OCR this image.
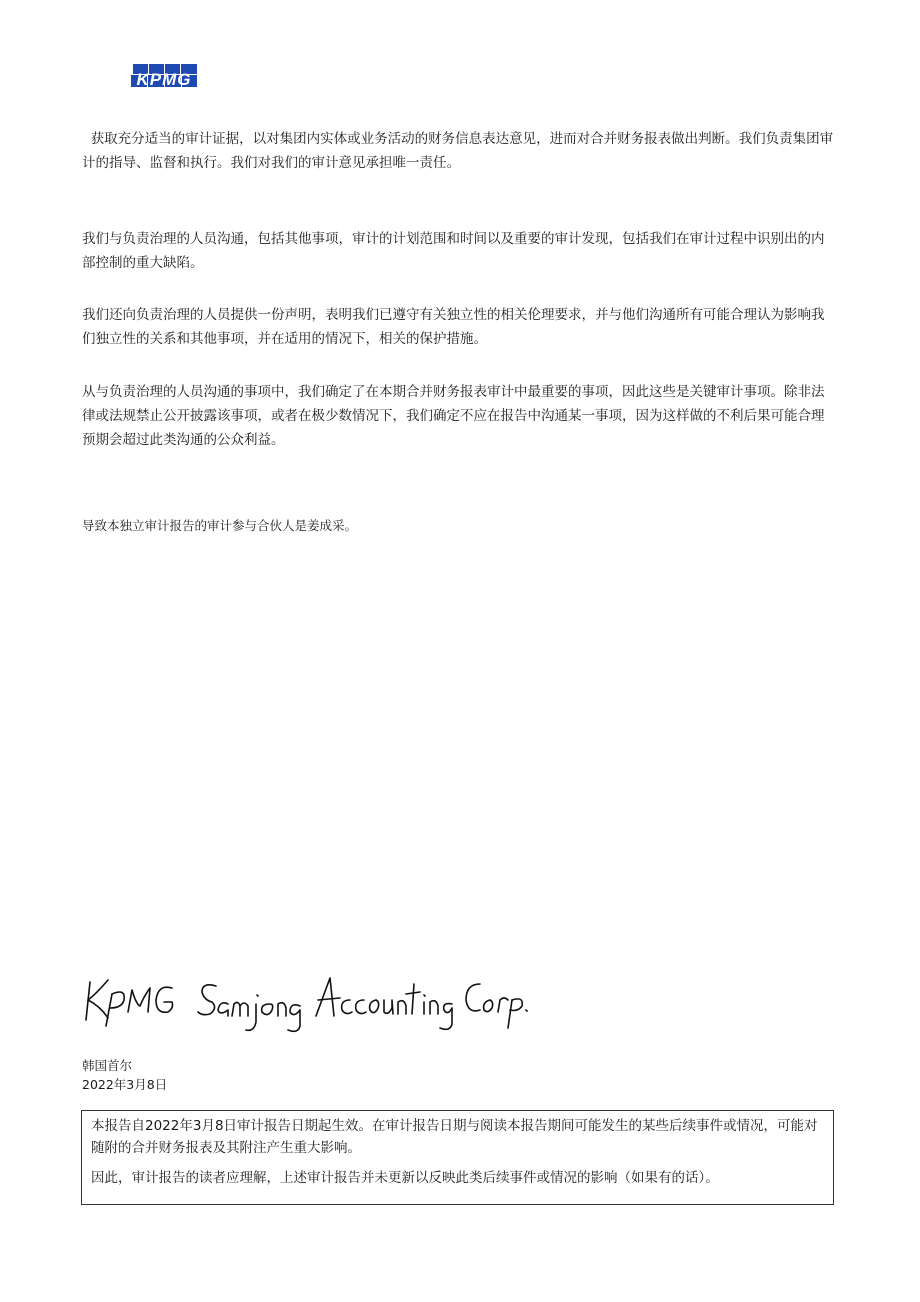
KPMG

获取充分适当的审计证据，以对集团内实体或业务活动的财务信息表达意见，进而对合并财务报表做出判断。我们负责集团审计的指导、监督和执行。我们对我们的审计意见承担唯一责任。

我们与负责治理的人员沟通，包括其他事项，审计的计划范围和时间以及重要的审计发现，包括我们在审计过程中识别出的内部控制的重大缺陷。

我们还向负责治理的人员提供一份声明，表明我们已遵守有关独立性的相关伦理要求，并与他们沟通所有可能合理认为影响我们独立性的关系和其他事项，并在适用的情况下，相关的保护措施。

从与负责治理的人员沟通的事项中，我们确定了在本期合并财务报表审计中最重要的事项，因此这些是关键审计事项。除非法律或法规禁止公开披露该事项，或者在极少数情况下，我们确定不应在报告中沟通某一事项，因为这样做的不利后果可能合理预期会超过此类沟通的公众利益。

导致本独立审计报告的审计参与合伙人是姜成采。

韩国首尔
2022年3月8日

本报告自2022年3月8日审计报告日期起生效。在审计报告日期与阅读本报告期间可能发生的某些后续事件或情况，可能对随附的合并财务报表及其附注产生重大影响。

因此，审计报告的读者应理解，上述审计报告并未更新以反映此类后续事件或情况的影响（如果有的话）。
